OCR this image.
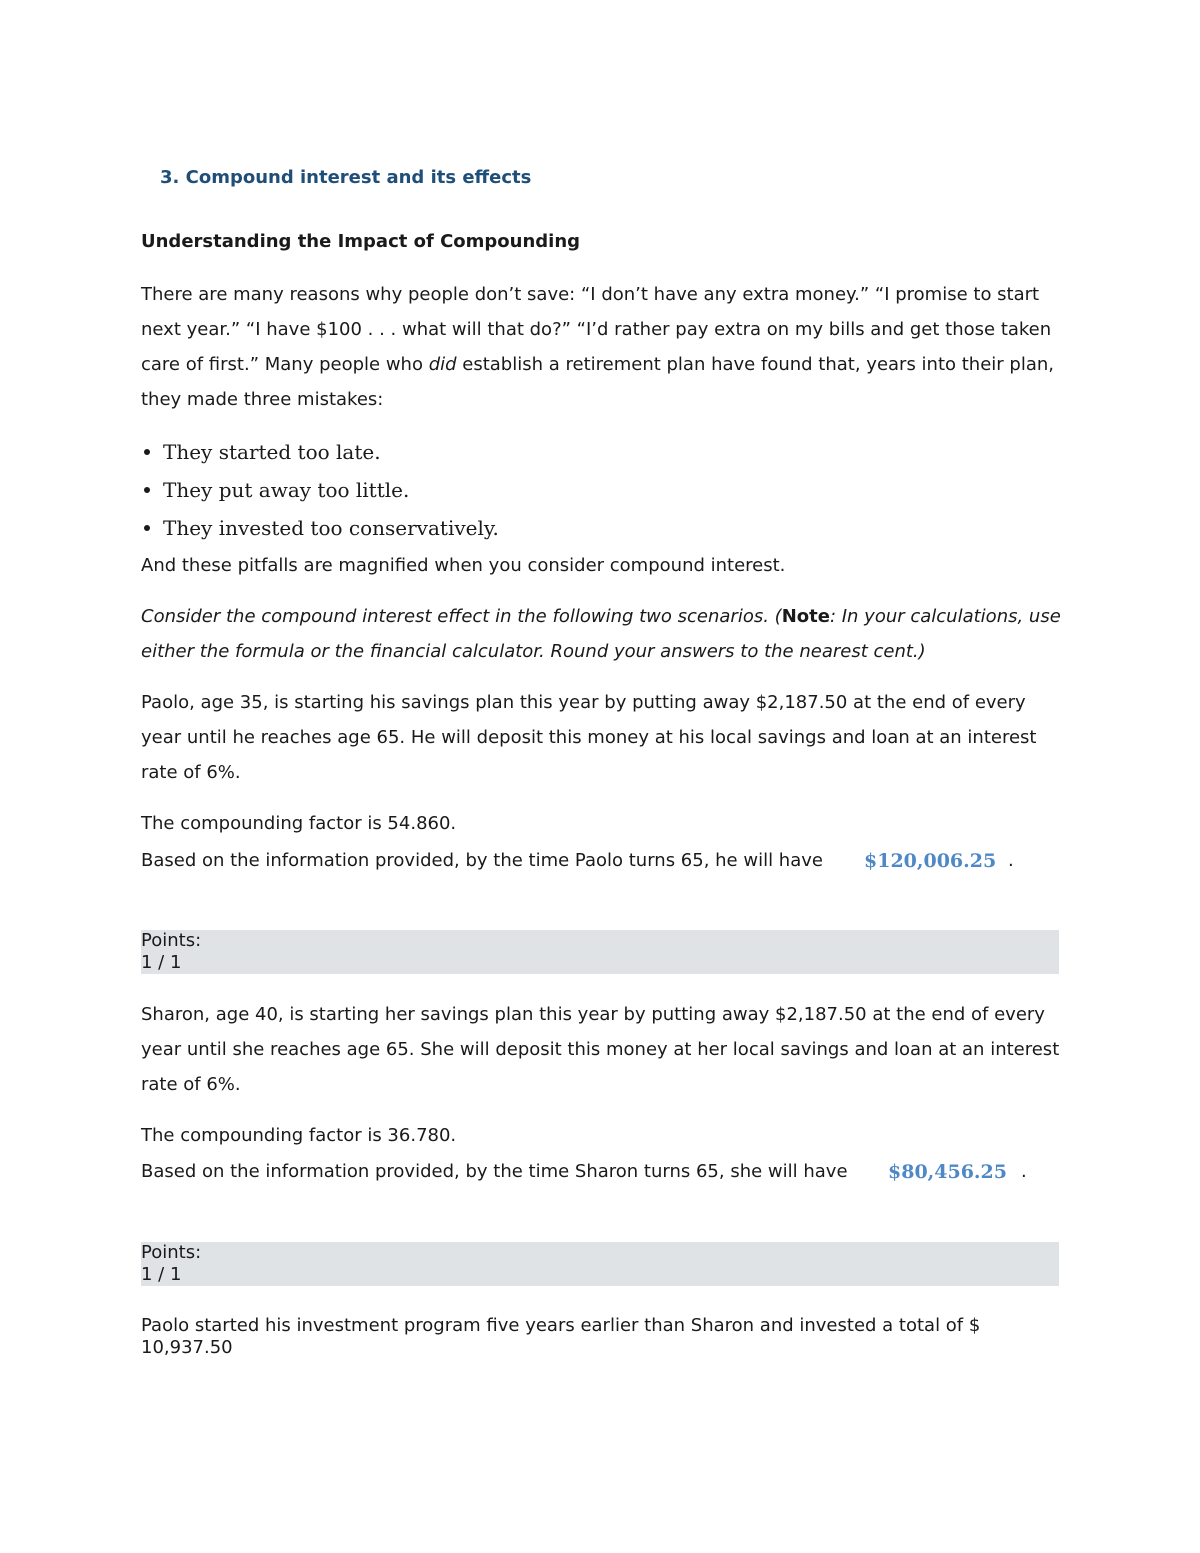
3. Compound interest and its effects
Understanding the Impact of Compounding

There are many reasons why people don’t save: “I don’t have any extra money.” “I promise to start next year.” “I have $100 . . . what will that do?” “I’d rather pay extra on my bills and get those taken care of first.” Many people who did establish a retirement plan have found that, years into their plan, they made three mistakes:

They started too late.
They put away too little.
They invested too conservatively.

And these pitfalls are magnified when you consider compound interest.

Consider the compound interest effect in the following two scenarios. (Note: In your calculations, use either the formula or the financial calculator. Round your answers to the nearest cent.)

Paolo, age 35, is starting his savings plan this year by putting away $2,187.50 at the end of every year until he reaches age 65. He will deposit this money at his local savings and loan at an interest rate of 6%.

The compounding factor is 54.860.
Based on the information provided, by the time Paolo turns 65, he will have $120,006.25 .
Points:
1 / 1

Sharon, age 40, is starting her savings plan this year by putting away $2,187.50 at the end of every year until she reaches age 65. She will deposit this money at her local savings and loan at an interest rate of 6%.

The compounding factor is 36.780.
Based on the information provided, by the time Sharon turns 65, she will have $80,456.25 .
Points:
1 / 1
Paolo started his investment program five years earlier than Sharon and invested a total of $ 10,937.50
